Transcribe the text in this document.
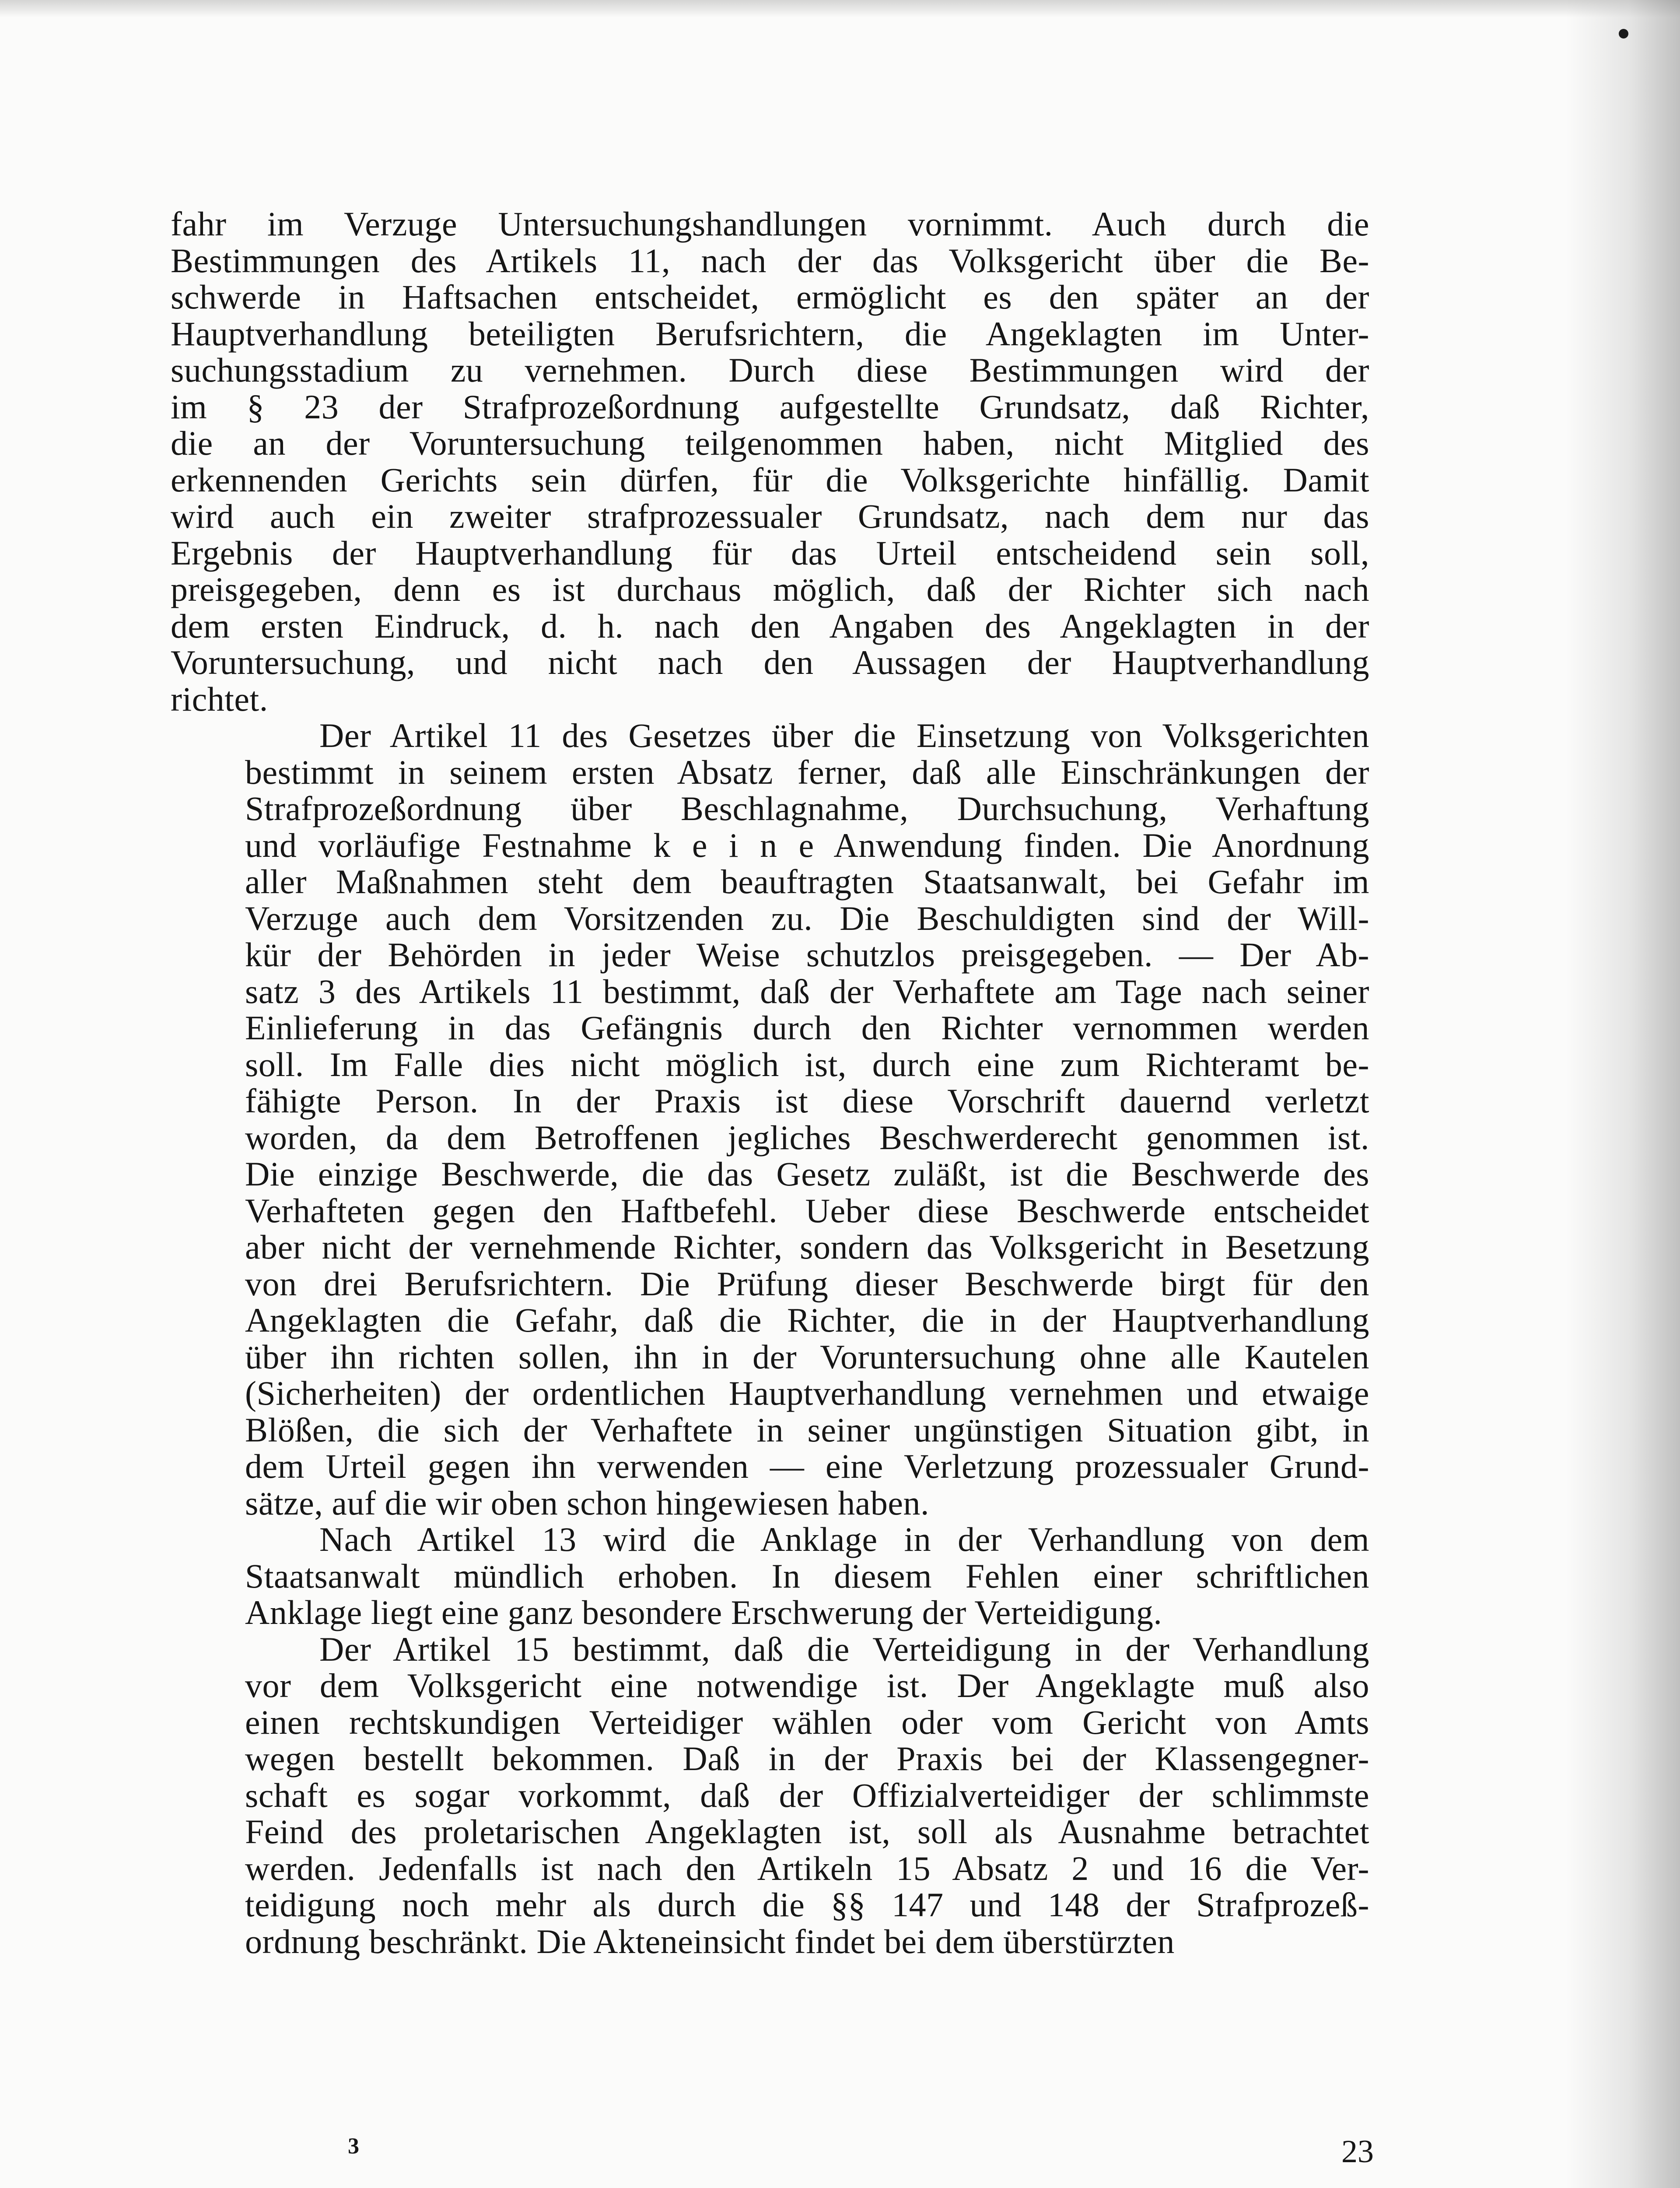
fahr im Verzuge Untersuchungshandlungen vornimmt. Auch durch die
Bestimmungen des Artikels 11, nach der das Volksgericht über die Be-
schwerde in Haftsachen entscheidet, ermöglicht es den später an der
Hauptverhandlung beteiligten Berufsrichtern, die Angeklagten im Unter-
suchungsstadium zu vernehmen. Durch diese Bestimmungen wird der
im § 23 der Strafprozeßordnung aufgestellte Grundsatz, daß Richter,
die an der Voruntersuchung teilgenommen haben, nicht Mitglied des
erkennenden Gerichts sein dürfen, für die Volksgerichte hinfällig. Damit
wird auch ein zweiter strafprozessualer Grundsatz, nach dem nur das
Ergebnis der Hauptverhandlung für das Urteil entscheidend sein soll,
preisgegeben, denn es ist durchaus möglich, daß der Richter sich nach
dem ersten Eindruck, d. h. nach den Angaben des Angeklagten in der
Voruntersuchung, und nicht nach den Aussagen der Hauptverhandlung
richtet.

Der Artikel 11 des Gesetzes über die Einsetzung von Volksgerichten
bestimmt in seinem ersten Absatz ferner, daß alle Einschränkungen der
Strafprozeßordnung über Beschlagnahme, Durchsuchung, Verhaftung
und vorläufige Festnahme k e i n e Anwendung finden. Die Anordnung
aller Maßnahmen steht dem beauftragten Staatsanwalt, bei Gefahr im
Verzuge auch dem Vorsitzenden zu. Die Beschuldigten sind der Will-
kür der Behörden in jeder Weise schutzlos preisgegeben. — Der Ab-
satz 3 des Artikels 11 bestimmt, daß der Verhaftete am Tage nach seiner
Einlieferung in das Gefängnis durch den Richter vernommen werden
soll. Im Falle dies nicht möglich ist, durch eine zum Richteramt be-
fähigte Person. In der Praxis ist diese Vorschrift dauernd verletzt
worden, da dem Betroffenen jegliches Beschwerderecht genommen ist.
Die einzige Beschwerde, die das Gesetz zuläßt, ist die Beschwerde des
Verhafteten gegen den Haftbefehl. Ueber diese Beschwerde entscheidet
aber nicht der vernehmende Richter, sondern das Volksgericht in Besetzung
von drei Berufsrichtern. Die Prüfung dieser Beschwerde birgt für den
Angeklagten die Gefahr, daß die Richter, die in der Hauptverhandlung
über ihn richten sollen, ihn in der Voruntersuchung ohne alle Kautelen
(Sicherheiten) der ordentlichen Hauptverhandlung vernehmen und etwaige
Blößen, die sich der Verhaftete in seiner ungünstigen Situation gibt, in
dem Urteil gegen ihn verwenden — eine Verletzung prozessualer Grund-
sätze, auf die wir oben schon hingewiesen haben.

Nach Artikel 13 wird die Anklage in der Verhandlung von dem
Staatsanwalt mündlich erhoben. In diesem Fehlen einer schriftlichen
Anklage liegt eine ganz besondere Erschwerung der Verteidigung.

Der Artikel 15 bestimmt, daß die Verteidigung in der Verhandlung
vor dem Volksgericht eine notwendige ist. Der Angeklagte muß also
einen rechtskundigen Verteidiger wählen oder vom Gericht von Amts
wegen bestellt bekommen. Daß in der Praxis bei der Klassengegner-
schaft es sogar vorkommt, daß der Offizialverteidiger der schlimmste
Feind des proletarischen Angeklagten ist, soll als Ausnahme betrachtet
werden. Jedenfalls ist nach den Artikeln 15 Absatz 2 und 16 die Ver-
teidigung noch mehr als durch die §§ 147 und 148 der Strafprozeß-
ordnung beschränkt. Die Akteneinsicht findet bei dem überstürzten

3	23
